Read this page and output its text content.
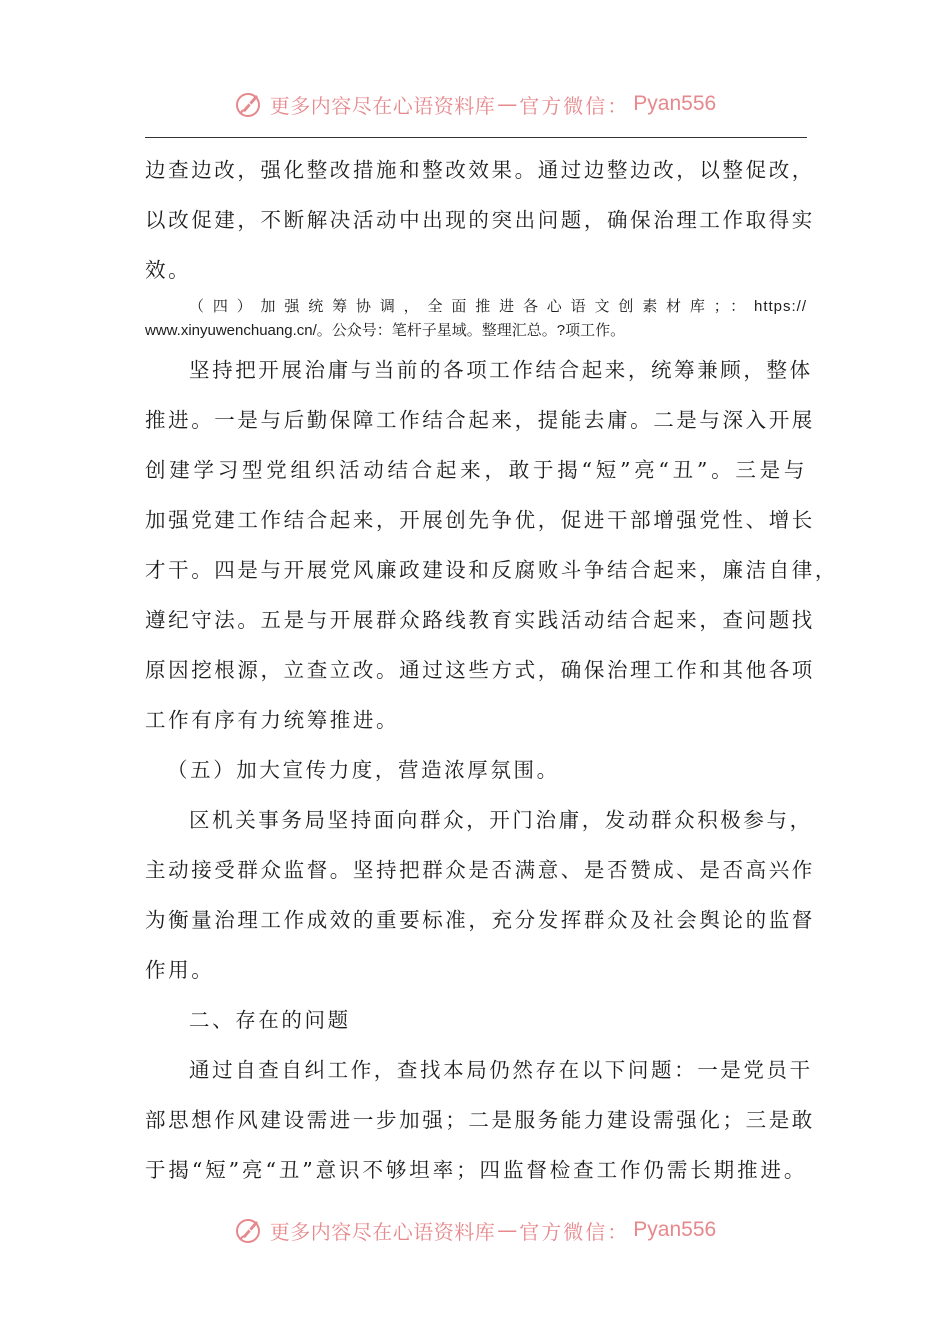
更多内容尽在心语资料库 — 官方微信： Pyan556
边查边改，强化整改措施和整改效果。通过边整边改，以整促改，
以改促建，不断解决活动中出现的突出问题，确保治理工作取得实
效。
（四）加强统筹协调，全面推进各心语文创素材库；：https://
www.xinyuwenchuang.cn/。公众号：笔杆子星域。整理汇总。?项工作。
坚持把开展治庸与当前的各项工作结合起来，统筹兼顾，整体
推进。一是与后勤保障工作结合起来，提能去庸。二是与深入开展
创建学习型党组织活动结合起来，敢于揭“短”亮“丑”。三是与
加强党建工作结合起来，开展创先争优，促进干部增强党性、增长
才干。四是与开展党风廉政建设和反腐败斗争结合起来，廉洁自律，
遵纪守法。五是与开展群众路线教育实践活动结合起来，查问题找
原因挖根源，立查立改。通过这些方式，确保治理工作和其他各项
工作有序有力统筹推进。
（五）加大宣传力度，营造浓厚氛围。
区机关事务局坚持面向群众，开门治庸，发动群众积极参与，
主动接受群众监督。坚持把群众是否满意、是否赞成、是否高兴作
为衡量治理工作成效的重要标准，充分发挥群众及社会舆论的监督
作用。
二、存在的问题
通过自查自纠工作，查找本局仍然存在以下问题：一是党员干
部思想作风建设需进一步加强；二是服务能力建设需强化；三是敢
于揭“短”亮“丑”意识不够坦率；四监督检查工作仍需长期推进。
更多内容尽在心语资料库 — 官方微信： Pyan556
